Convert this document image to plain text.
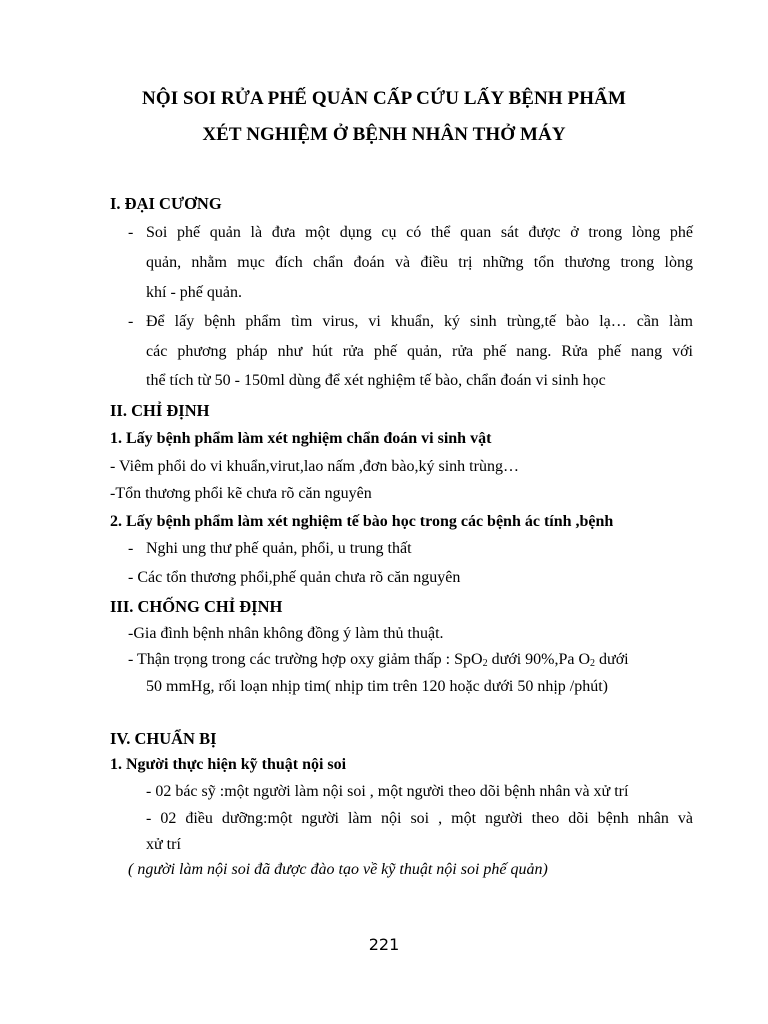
NỘI SOI RỬA PHẾ QUẢN CẤP CỨU LẤY BỆNH PHẨM
XÉT NGHIỆM Ở BỆNH NHÂN THỞ MÁY
I. ĐẠI CƯƠNG
- Soi phế quản là đưa một dụng cụ có thể quan sát được ở trong lòng phế
quản, nhằm mục đích chẩn đoán và điều trị những tổn thương trong lòng
khí - phế quản.
- Để lấy bệnh phẩm tìm virus, vi khuẩn, ký sinh trùng,tế bào lạ… cần làm
các phương pháp như hút rửa phế quản, rửa phế nang. Rửa phế nang với
thể tích từ 50 - 150ml dùng để xét nghiệm tế bào, chẩn đoán vi sinh học
II. CHỈ ĐỊNH
1. Lấy bệnh phẩm làm xét nghiệm chẩn đoán vi sinh vật
- Viêm phổi do vi khuẩn,virut,lao nấm ,đơn bào,ký sinh trùng…
-Tổn thương phổi kẽ chưa rõ căn nguyên
2. Lấy bệnh phẩm làm xét nghiệm tế bào học trong các bệnh ác tính ,bệnh
- Nghi ung thư phế quản, phổi, u trung thất
- Các tổn thương phổi,phế quản chưa rõ căn nguyên
III. CHỐNG CHỈ ĐỊNH
-Gia đình bệnh nhân không đồng ý làm thủ thuật.
- Thận trọng trong các trường hợp oxy giảm thấp : SpO$_2$ dưới 90%,Pa $O_2$ dưới
50 mmHg, rối loạn nhịp tim( nhịp tim trên 120 hoặc dưới 50 nhịp /phút)
IV. CHUẨN BỊ
1. Người thực hiện kỹ thuật nội soi
- 02 bác sỹ :một người làm nội soi , một người theo dõi bệnh nhân và xử trí
- 02 điều dưỡng:một người làm nội soi , một người theo dõi bệnh nhân và
xử trí
( người làm nội soi đã được đào tạo về kỹ thuật nội soi phế quản)
221
